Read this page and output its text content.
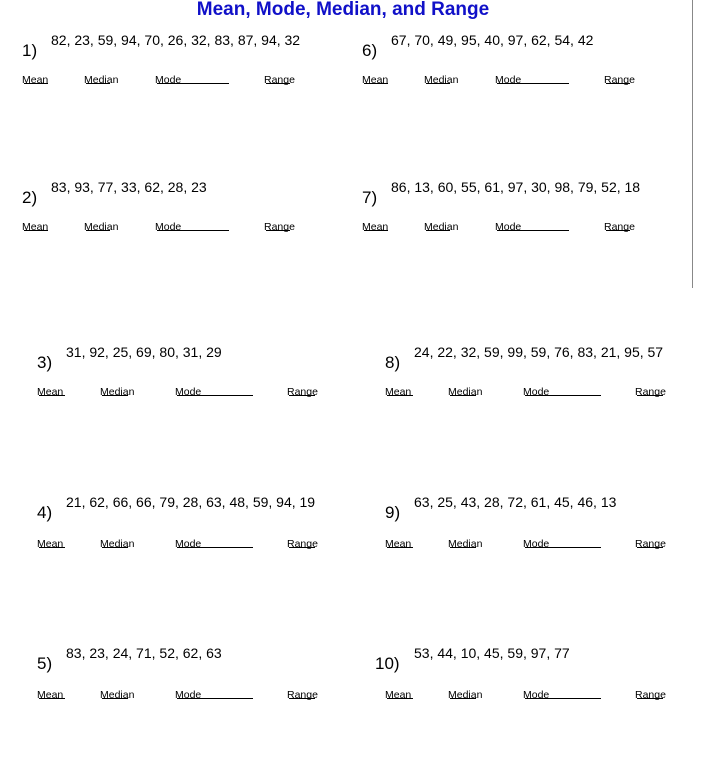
Mean, Mode, Median, and Range
1)
82, 23, 59, 94, 70, 26, 32, 83, 87, 94, 32
Mean	Median	Mode	Range
6)
67, 70, 49, 95, 40, 97, 62, 54, 42
Mean	Median	Mode	Range
2)
83, 93, 77, 33, 62, 28, 23
Mean	Median	Mode	Range
7)
86, 13, 60, 55, 61, 97, 30, 98, 79, 52, 18
Mean	Median	Mode	Range
3)
31, 92, 25, 69, 80, 31, 29
Mean	Median	Mode	Range
8)
24, 22, 32, 59, 99, 59, 76, 83, 21, 95, 57
Mean	Median	Mode	Range
4)
21, 62, 66, 66, 79, 28, 63, 48, 59, 94, 19
Mean	Median	Mode	Range
9)
63, 25, 43, 28, 72, 61, 45, 46, 13
Mean	Median	Mode	Range
5)
83, 23, 24, 71, 52, 62, 63
Mean	Median	Mode	Range
10)
53, 44, 10, 45, 59, 97, 77
Mean	Median	Mode	Range
